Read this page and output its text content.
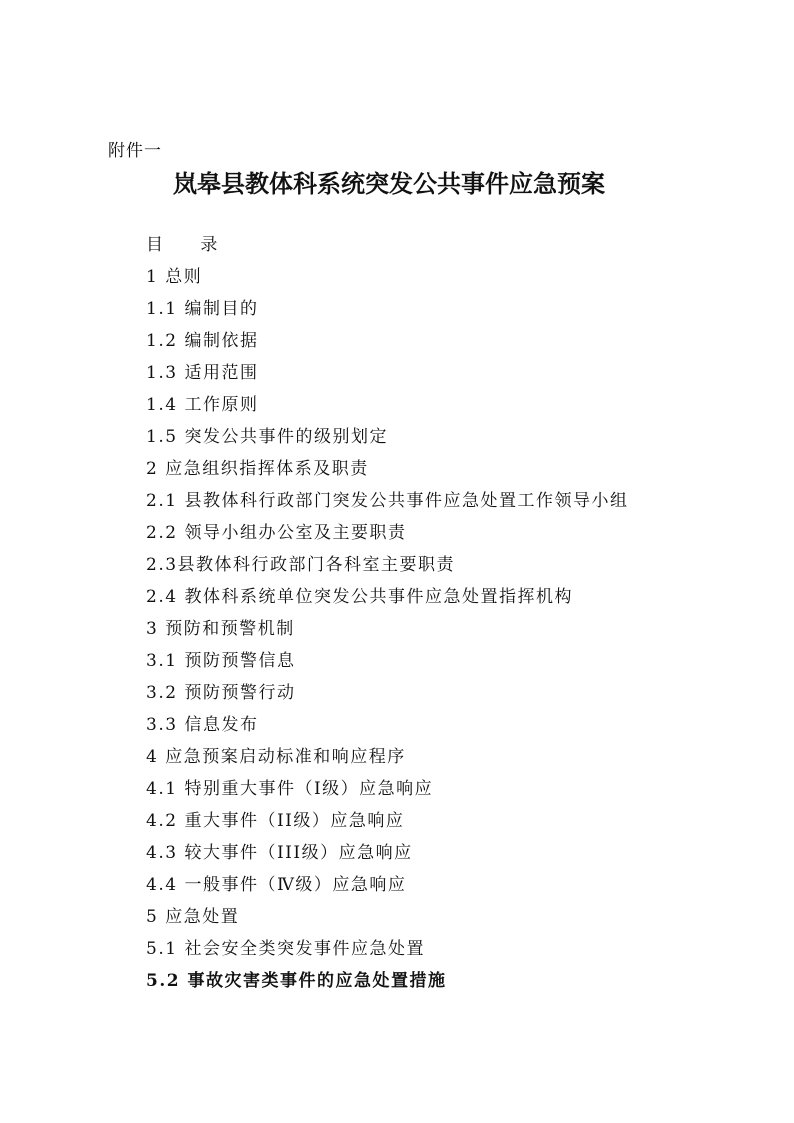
附件一
岚皋县教体科系统突发公共事件应急预案
目 录
1 总则
1.1 编制目的
1.2 编制依据
1.3 适用范围
1.4 工作原则
1.5 突发公共事件的级别划定
2 应急组织指挥体系及职责
2.1 县教体科行政部门突发公共事件应急处置工作领导小组
2.2 领导小组办公室及主要职责
2.3县教体科行政部门各科室主要职责
2.4 教体科系统单位突发公共事件应急处置指挥机构
3 预防和预警机制
3.1 预防预警信息
3.2 预防预警行动
3.3 信息发布
4 应急预案启动标准和响应程序
4.1 特别重大事件（Ⅰ级）应急响应
4.2 重大事件（II级）应急响应
4.3 较大事件（III级）应急响应
4.4 一般事件（Ⅳ级）应急响应
5 应急处置
5.1 社会安全类突发事件应急处置
5.2 事故灾害类事件的应急处置措施
